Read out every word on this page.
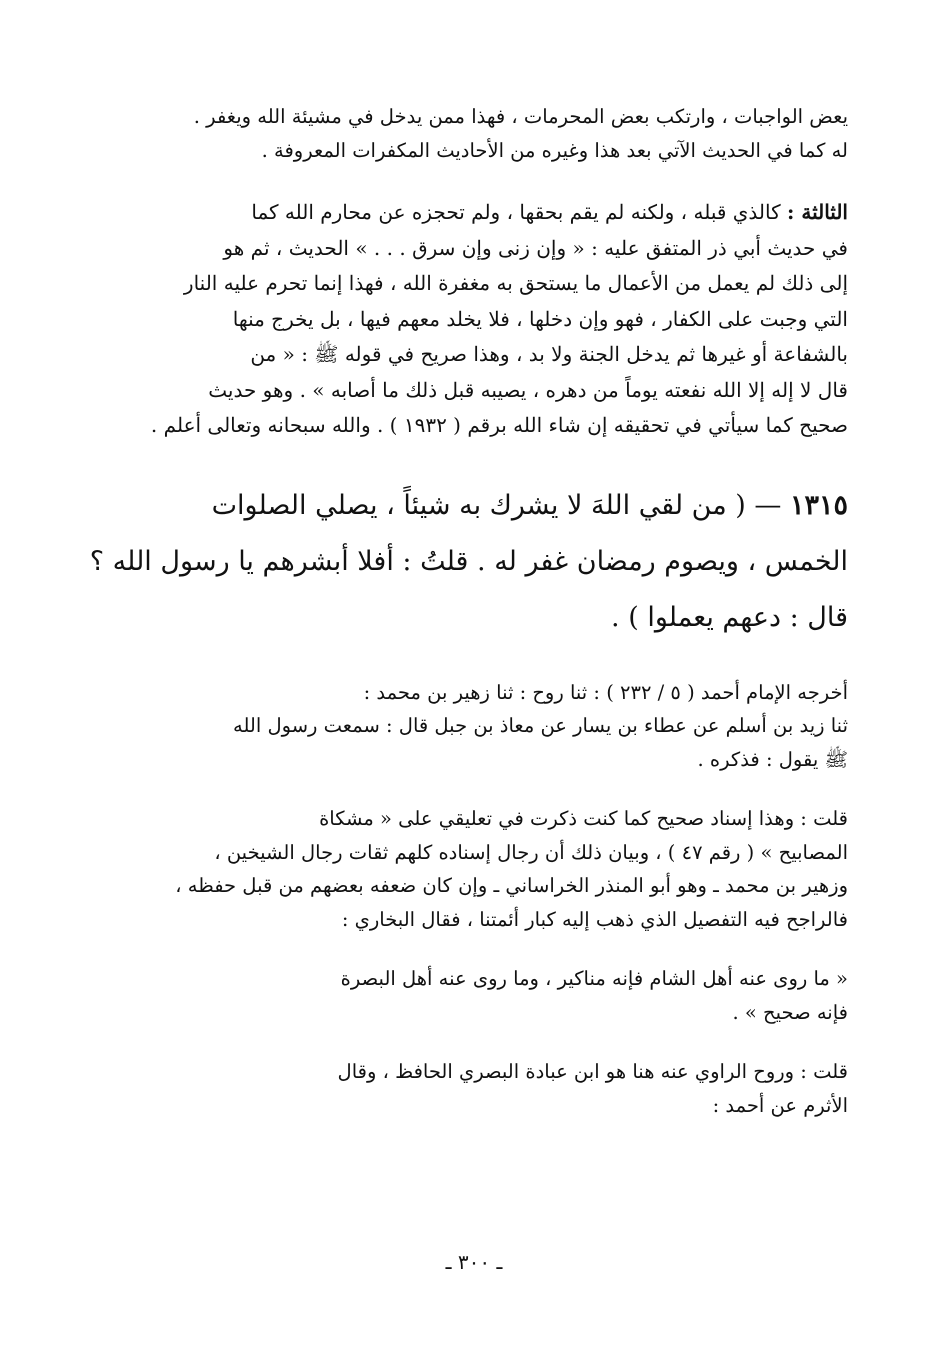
يعض الواجبات ، وارتكب بعض المحرمات ، فهذا ممن يدخل في مشيئة الله ويغفر .
له كما في الحديث الآتي بعد هذا وغيره من الأحاديث المكفرات المعروفة .
الثالثة : كالذي قبله ، ولكنه لم يقم بحقها ، ولم تحجزه عن محارم الله كما
في حديث أبي ذر المتفق عليه : « وإن زنى وإن سرق . . . » الحديث ، ثم هو
إلى ذلك لم يعمل من الأعمال ما يستحق به مغفرة الله ، فهذا إنما تحرم عليه النار
التي وجبت على الكفار ، فهو وإن دخلها ، فلا يخلد معهم فيها ، بل يخرج منها
بالشفاعة أو غيرها ثم يدخل الجنة ولا بد ، وهذا صريح في قوله ﷺ : « من
قال لا إله إلا الله نفعته يوماً من دهره ، يصيبه قبل ذلك ما أصابه » . وهو حديث
صحيح كما سيأتي في تحقيقه إن شاء الله برقم ( ١٩٣٢ ) . والله سبحانه وتعالى أعلم .
١٣١٥ — ( من لقي اللهَ لا يشرك به شيئاً ، يصلي الصلوات
الخمس ، ويصوم رمضان غفر له . قلتُ : أفلا أبشرهم يا رسول الله ؟
قال : دعهم يعملوا ) .
أخرجه الإمام أحمد ( ٥ / ٢٣٢ ) : ثنا روح : ثنا زهير بن محمد :
ثنا زيد بن أسلم عن عطاء بن يسار عن معاذ بن جبل قال : سمعت رسول الله
ﷺ يقول : فذكره .
قلت : وهذا إسناد صحيح كما كنت ذكرت في تعليقي على « مشكاة
المصابيح » ( رقم ٤٧ ) ، وبيان ذلك أن رجال إسناده كلهم ثقات رجال الشيخين ،
وزهير بن محمد ـ وهو أبو المنذر الخراساني ـ وإن كان ضعفه بعضهم من قبل حفظه ،
فالراجح فيه التفصيل الذي ذهب إليه كبار أئمتنا ، فقال البخاري :
« ما روى عنه أهل الشام فإنه مناكير ، وما روى عنه أهل البصرة
فإنه صحيح » .
قلت : وروح الراوي عنه هنا هو ابن عبادة البصري الحافظ ، وقال
الأثرم عن أحمد :
ـ ٣٠٠ ـ
